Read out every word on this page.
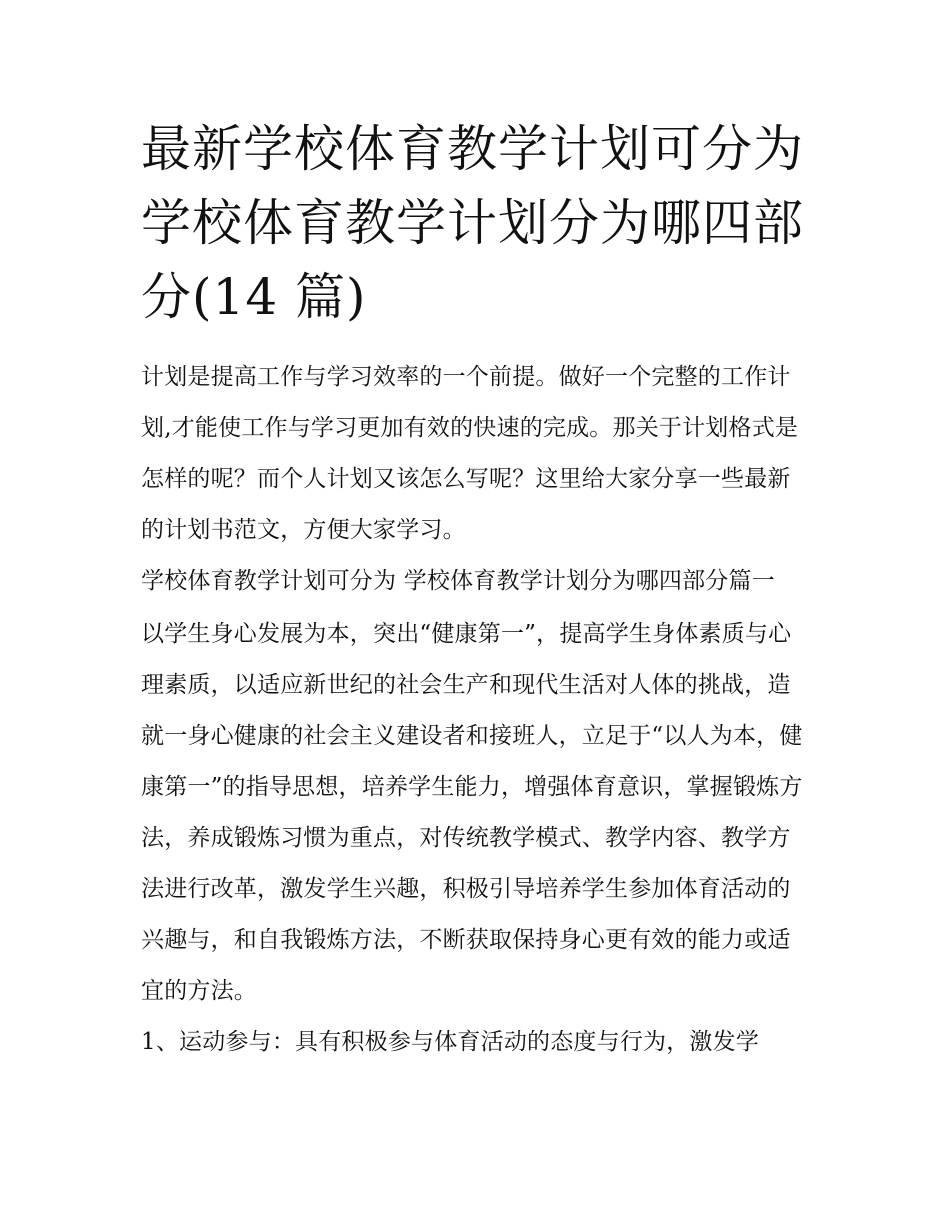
最新学校体育教学计划可分为 学校体育教学计划分为哪四部分(14 篇)

计划是提高工作与学习效率的一个前提。做好一个完整的工作计划,才能使工作与学习更加有效的快速的完成。那关于计划格式是怎样的呢？而个人计划又该怎么写呢？这里给大家分享一些最新的计划书范文，方便大家学习。

学校体育教学计划可分为 学校体育教学计划分为哪四部分篇一

以学生身心发展为本，突出“健康第一”，提高学生身体素质与心理素质，以适应新世纪的社会生产和现代生活对人体的挑战，造就一身心健康的社会主义建设者和接班人，立足于“以人为本，健康第一”的指导思想，培养学生能力，增强体育意识，掌握锻炼方法，养成锻炼习惯为重点，对传统教学模式、教学内容、教学方法进行改革，激发学生兴趣，积极引导培养学生参加体育活动的兴趣与，和自我锻炼方法，不断获取保持身心更有效的能力或适宜的方法。

1、运动参与：具有积极参与体育活动的态度与行为，激发学
